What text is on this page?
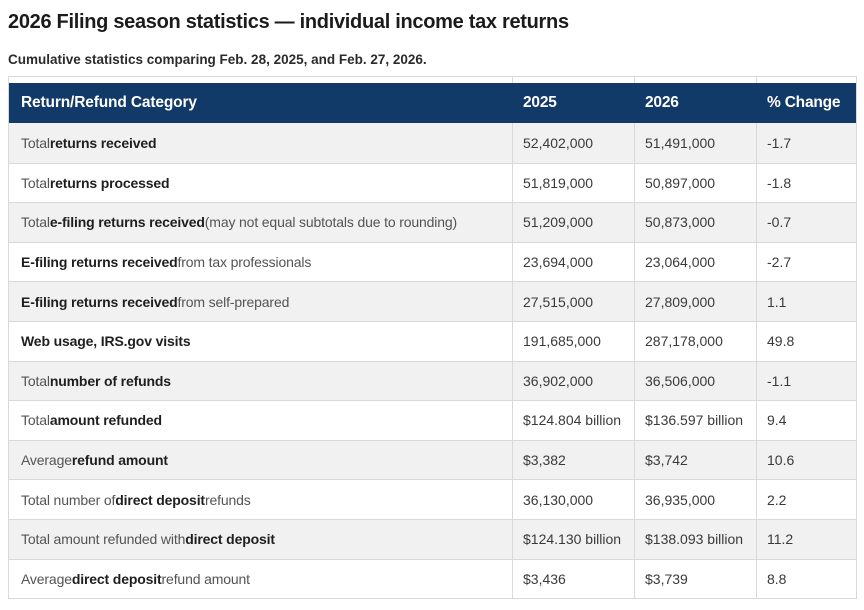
2026 Filing season statistics — individual income tax returns

Cumulative statistics comparing Feb. 28, 2025, and Feb. 27, 2026.

Return/Refund Category	2025	2026	% Change
Total returns received	52,402,000	51,491,000	-1.7
Total returns processed	51,819,000	50,897,000	-1.8
Total e-filing returns received (may not equal subtotals due to rounding)	51,209,000	50,873,000	-0.7
E-filing returns received from tax professionals	23,694,000	23,064,000	-2.7
E-filing returns received from self-prepared	27,515,000	27,809,000	1.1
Web usage, IRS.gov visits	191,685,000	287,178,000	49.8
Total number of refunds	36,902,000	36,506,000	-1.1
Total amount refunded	$124.804 billion	$136.597 billion	9.4
Average refund amount	$3,382	$3,742	10.6
Total number of direct deposit refunds	36,130,000	36,935,000	2.2
Total amount refunded with direct deposit	$124.130 billion	$138.093 billion	11.2
Average direct deposit refund amount	$3,436	$3,739	8.8
